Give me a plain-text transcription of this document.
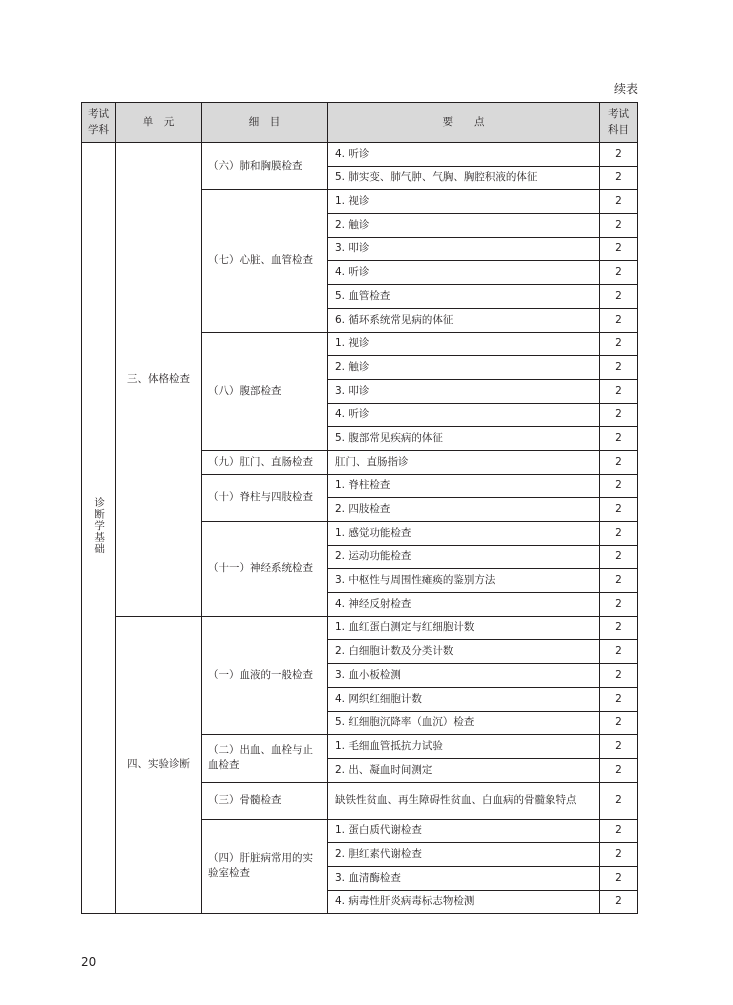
续表
考试
学科	单　元	细　目	要　　点	考试
科目

诊断学基础	三、体格检查	（六）肺和胸膜检查	4. 听诊	2
			5. 肺实变、肺气肿、气胸、胸腔积液的体征	2
		（七）心脏、血管检查	1. 视诊	2
			2. 触诊	2
			3. 叩诊	2
			4. 听诊	2
			5. 血管检查	2
			6. 循环系统常见病的体征	2
		（八）腹部检查	1. 视诊	2
			2. 触诊	2
			3. 叩诊	2
			4. 听诊	2
			5. 腹部常见疾病的体征	2
		（九）肛门、直肠检查	肛门、直肠指诊	2
		（十）脊柱与四肢检查	1. 脊柱检查	2
			2. 四肢检查	2
		（十一）神经系统检查	1. 感觉功能检查	2
			2. 运动功能检查	2
			3. 中枢性与周围性瘫痪的鉴别方法	2
			4. 神经反射检查	2
	四、实验诊断	（一）血液的一般检查	1. 血红蛋白测定与红细胞计数	2
			2. 白细胞计数及分类计数	2
			3. 血小板检测	2
			4. 网织红细胞计数	2
			5. 红细胞沉降率（血沉）检查	2
		（二）出血、血栓与止血检查	1. 毛细血管抵抗力试验	2
			2. 出、凝血时间测定	2
		（三）骨髓检查	缺铁性贫血、再生障碍性贫血、白血病的骨髓象特点	2
		（四）肝脏病常用的实验室检查	1. 蛋白质代谢检查	2
			2. 胆红素代谢检查	2
			3. 血清酶检查	2
			4. 病毒性肝炎病毒标志物检测	2
20
